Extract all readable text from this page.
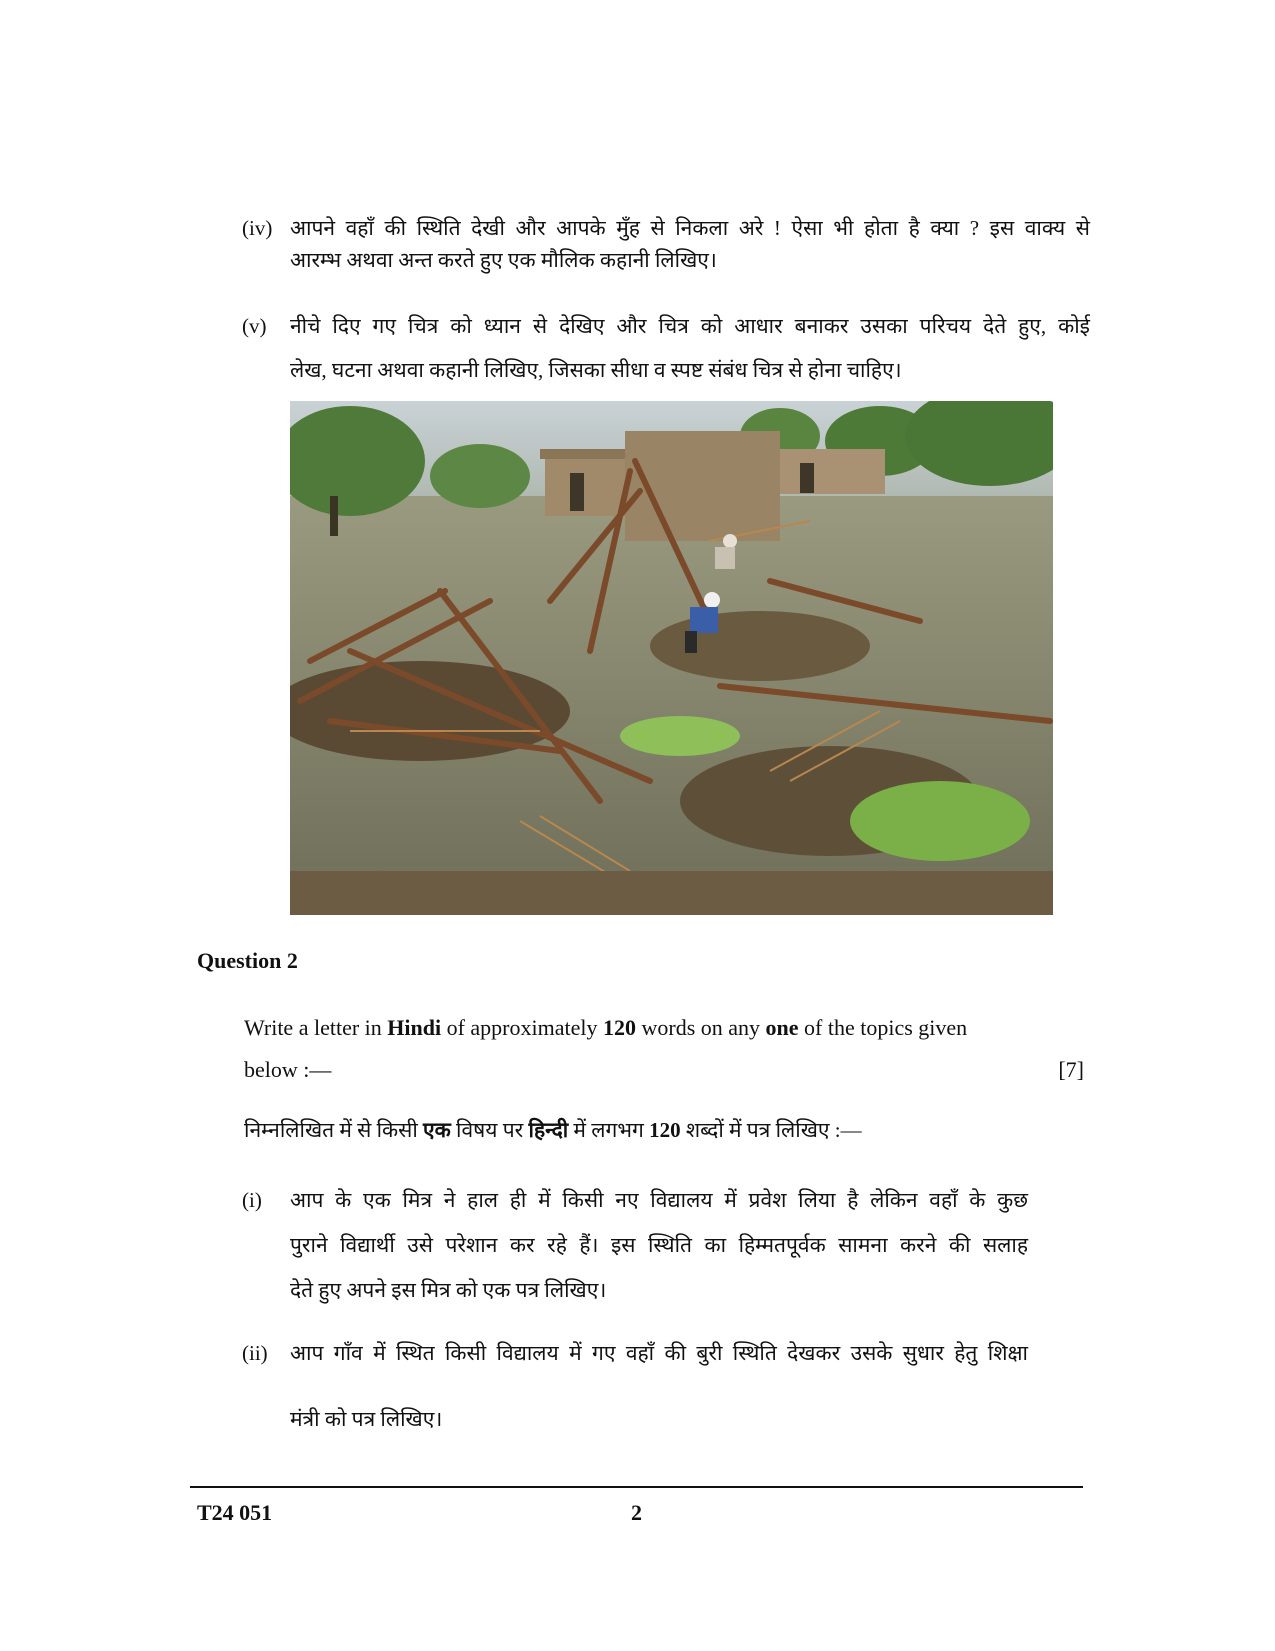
(iv) आपने वहाँ की स्थिति देखी और आपके मुँह से निकला अरे ! ऐसा भी होता है क्या ? इस वाक्य से

आरम्भ अथवा अन्त करते हुए एक मौलिक कहानी लिखिए।

(v) नीचे दिए गए चित्र को ध्यान से देखिए और चित्र को आधार बनाकर उसका परिचय देते हुए, कोई

लेख, घटना अथवा कहानी लिखिए, जिसका सीधा व स्पष्ट संबंध चित्र से होना चाहिए।

Question 2
Write a letter in Hindi of approximately 120 words on any one of the topics given
below :—	[7]
निम्नलिखित में से किसी एक विषय पर हिन्दी में लगभग 120 शब्दों में पत्र लिखिए :—
(i) आप के एक मित्र ने हाल ही में किसी नए विद्यालय में प्रवेश लिया है लेकिन वहाँ के कुछ

पुराने विद्यार्थी उसे परेशान कर रहे हैं। इस स्थिति का हिम्मतपूर्वक सामना करने की सलाह

देते हुए अपने इस मित्र को एक पत्र लिखिए।

(ii) आप गाँव में स्थित किसी विद्यालय में गए वहाँ की बुरी स्थिति देखकर उसके सुधार हेतु शिक्षा

मंत्री को पत्र लिखिए।

T24 051	2
